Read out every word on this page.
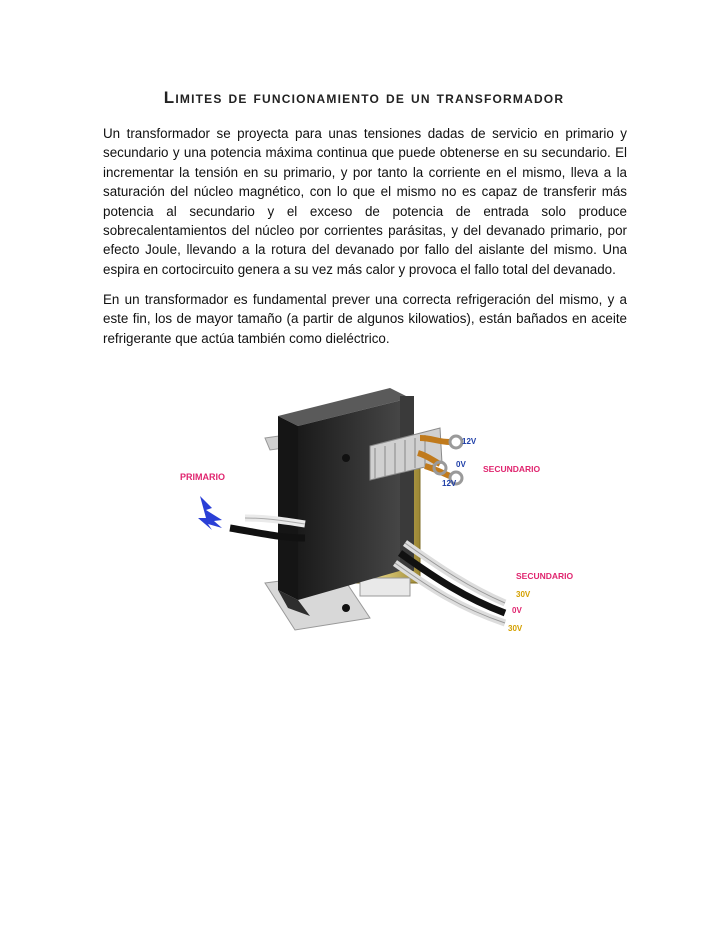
Limites de funcionamiento de un transformador

Un transformador se proyecta para unas tensiones dadas de servicio en primario y secundario y una potencia máxima continua que puede obtenerse en su secundario. El incrementar la tensión en su primario, y por tanto la corriente en el mismo, lleva a la saturación del núcleo magnético, con lo que el mismo no es capaz de transferir más potencia al secundario y el exceso de potencia de entrada solo produce sobrecalentamientos del núcleo por corrientes parásitas, y del devanado primario, por efecto Joule, llevando a la rotura del devanado por fallo del aislante del mismo. Una espira en cortocircuito genera a su vez más calor y provoca el fallo total del devanado.

En un transformador es fundamental prever una correcta refrigeración del mismo, y a este fin, los de mayor tamaño (a partir de algunos kilowatios), están bañados en aceite refrigerante que actúa también como dieléctrico.

PRIMARIO
12V
0V SECUNDARIO
12V
SECUNDARIO
30V
0V
30V
